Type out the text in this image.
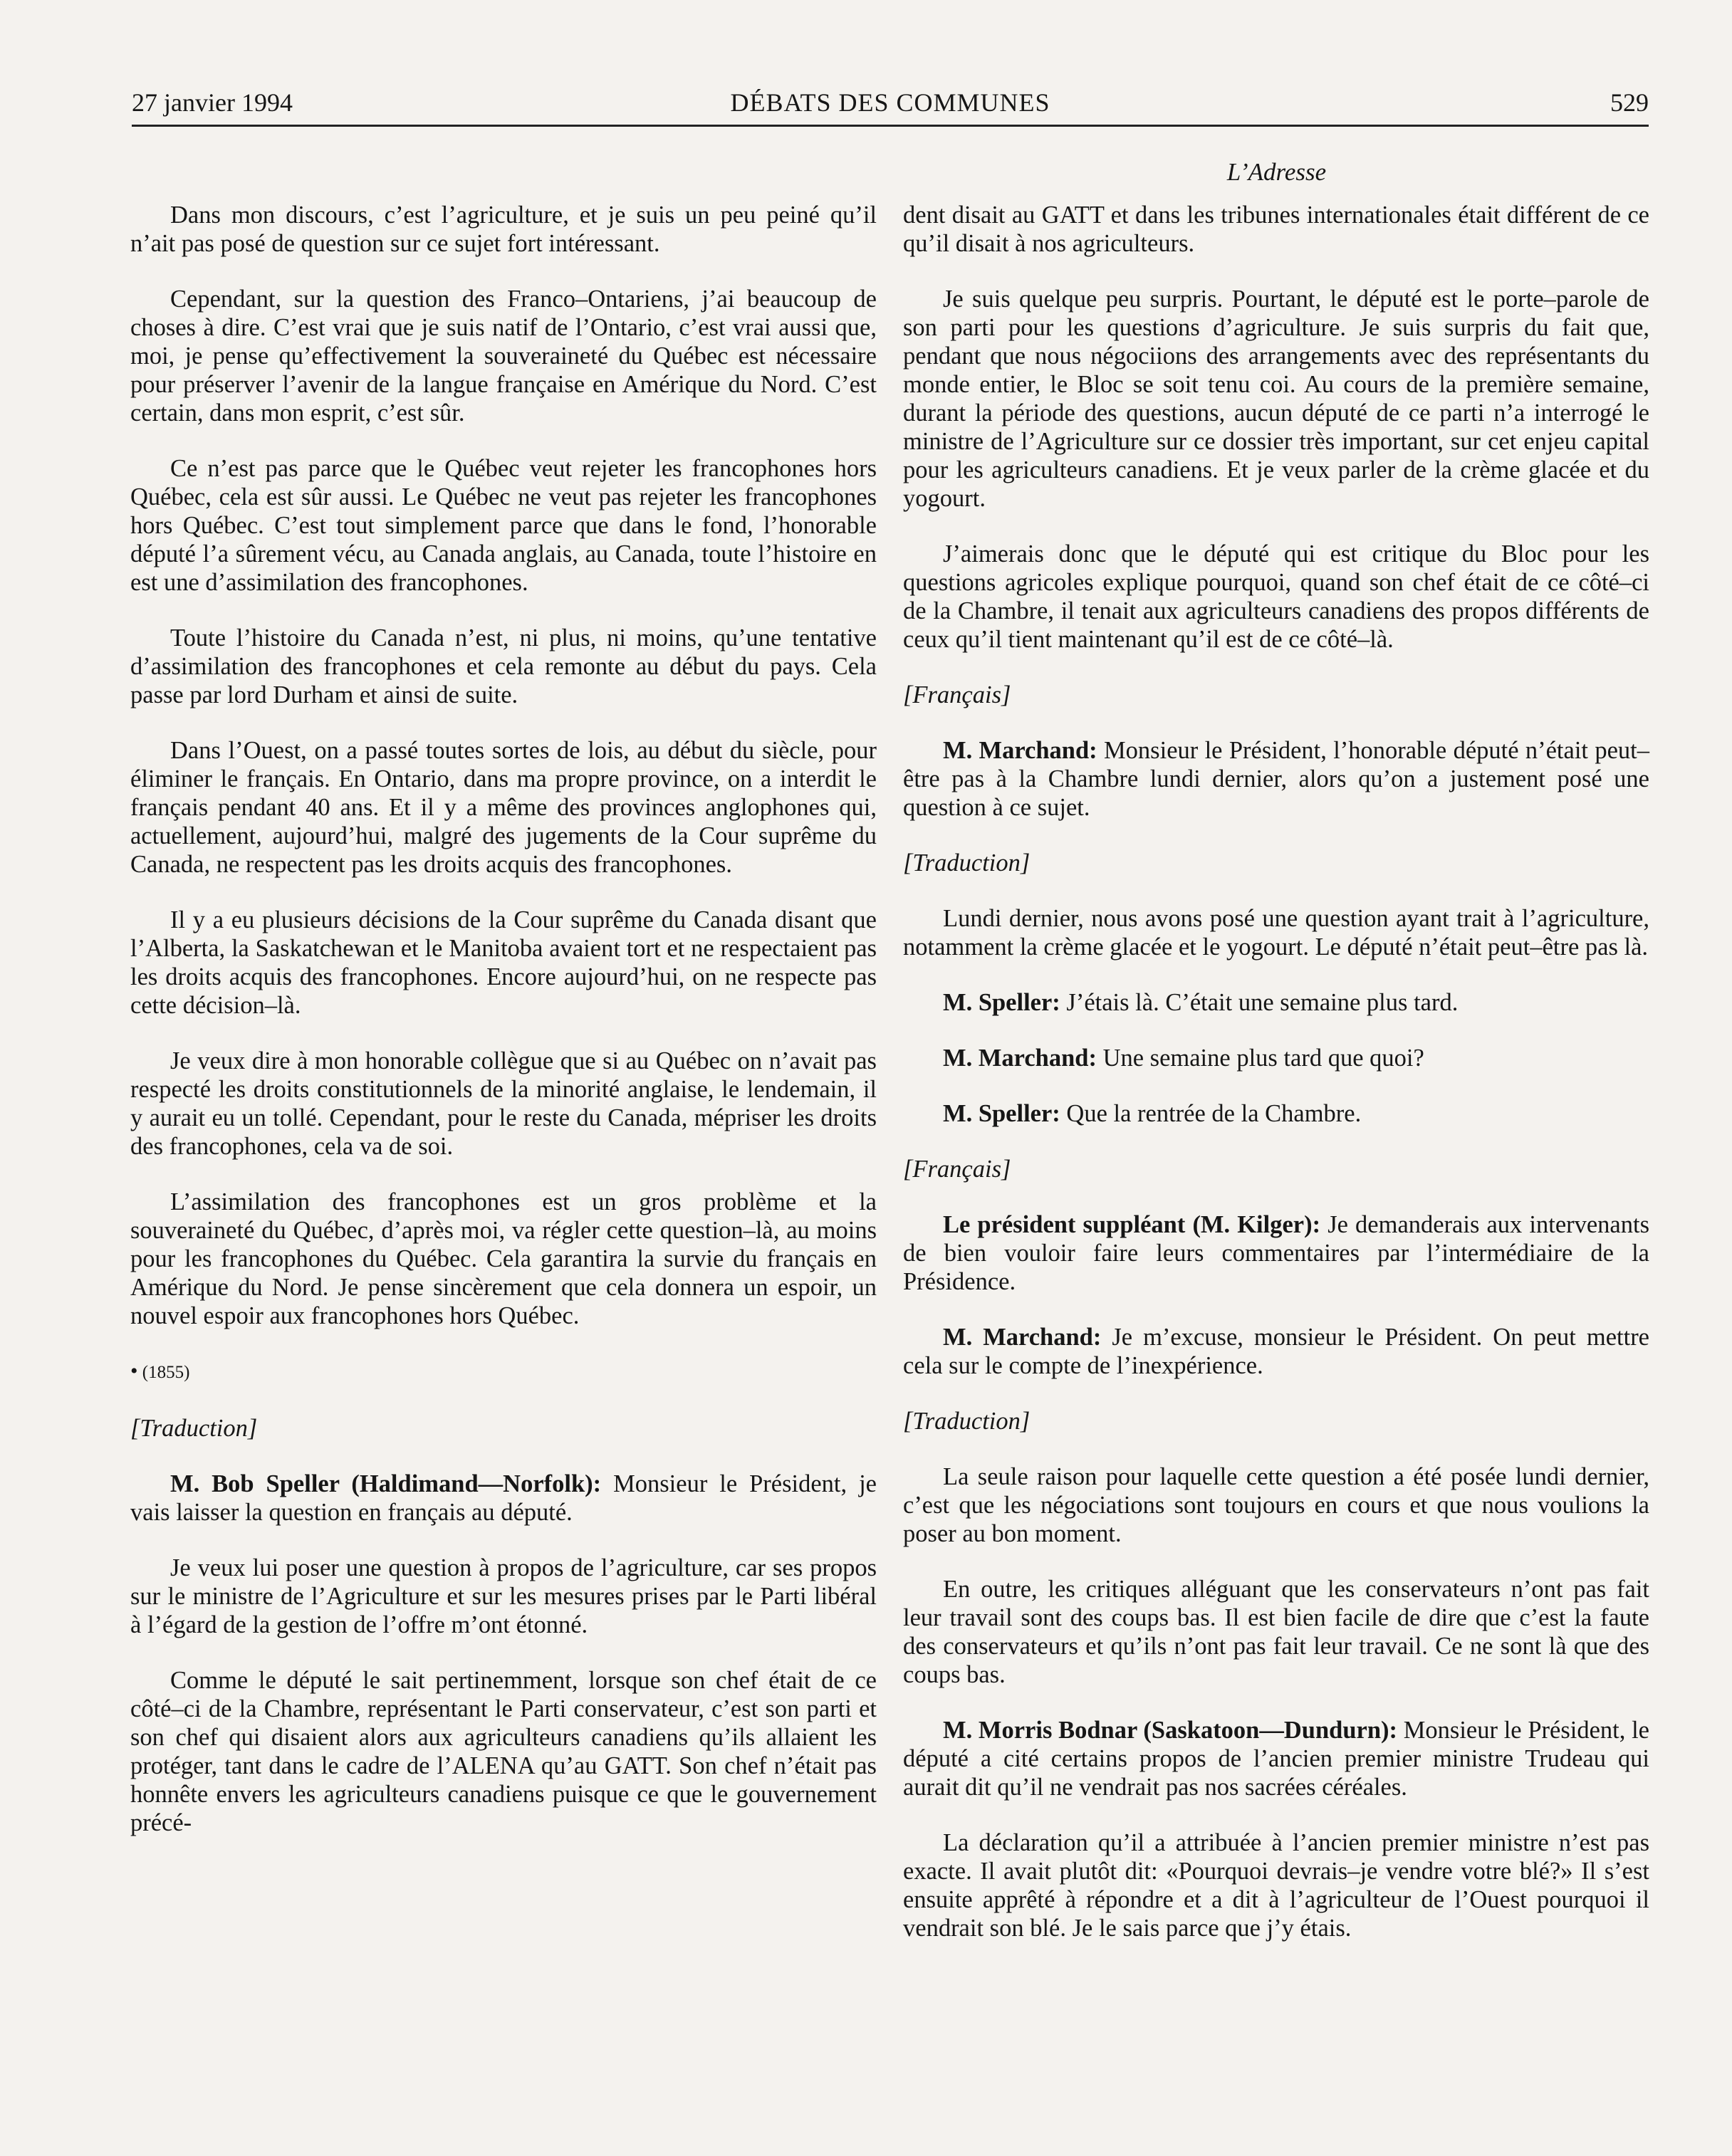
27 janvier 1994	DÉBATS DES COMMUNES	529
L’Adresse

Dans mon discours, c’est l’agriculture, et je suis un peu peiné qu’il n’ait pas posé de question sur ce sujet fort intéressant.

Cependant, sur la question des Franco–Ontariens, j’ai beaucoup de choses à dire. C’est vrai que je suis natif de l’Ontario, c’est vrai aussi que, moi, je pense qu’effectivement la souveraineté du Québec est nécessaire pour préserver l’avenir de la langue française en Amérique du Nord. C’est certain, dans mon esprit, c’est sûr.

Ce n’est pas parce que le Québec veut rejeter les francophones hors Québec, cela est sûr aussi. Le Québec ne veut pas rejeter les francophones hors Québec. C’est tout simplement parce que dans le fond, l’honorable député l’a sûrement vécu, au Canada anglais, au Canada, toute l’histoire en est une d’assimilation des francophones.

Toute l’histoire du Canada n’est, ni plus, ni moins, qu’une tentative d’assimilation des francophones et cela remonte au début du pays. Cela passe par lord Durham et ainsi de suite.

Dans l’Ouest, on a passé toutes sortes de lois, au début du siècle, pour éliminer le français. En Ontario, dans ma propre province, on a interdit le français pendant 40 ans. Et il y a même des provinces anglophones qui, actuellement, aujourd’hui, malgré des jugements de la Cour suprême du Canada, ne respectent pas les droits acquis des francophones.

Il y a eu plusieurs décisions de la Cour suprême du Canada disant que l’Alberta, la Saskatchewan et le Manitoba avaient tort et ne respectaient pas les droits acquis des francophones. Encore aujourd’hui, on ne respecte pas cette décision–là.

Je veux dire à mon honorable collègue que si au Québec on n’avait pas respecté les droits constitutionnels de la minorité anglaise, le lendemain, il y aurait eu un tollé. Cependant, pour le reste du Canada, mépriser les droits des francophones, cela va de soi.

L’assimilation des francophones est un gros problème et la souveraineté du Québec, d’après moi, va régler cette question–là, au moins pour les francophones du Québec. Cela garantira la survie du français en Amérique du Nord. Je pense sincèrement que cela donnera un espoir, un nouvel espoir aux francophones hors Québec.

• (1855)

[Traduction]

M. Bob Speller (Haldimand—Norfolk): Monsieur le Président, je vais laisser la question en français au député.

Je veux lui poser une question à propos de l’agriculture, car ses propos sur le ministre de l’Agriculture et sur les mesures prises par le Parti libéral à l’égard de la gestion de l’offre m’ont étonné.

Comme le député le sait pertinemment, lorsque son chef était de ce côté–ci de la Chambre, représentant le Parti conservateur, c’est son parti et son chef qui disaient alors aux agriculteurs canadiens qu’ils allaient les protéger, tant dans le cadre de l’ALENA qu’au GATT. Son chef n’était pas honnête envers les agriculteurs canadiens puisque ce que le gouvernement précé-

dent disait au GATT et dans les tribunes internationales était différent de ce qu’il disait à nos agriculteurs.

Je suis quelque peu surpris. Pourtant, le député est le porte–parole de son parti pour les questions d’agriculture. Je suis surpris du fait que, pendant que nous négociions des arrangements avec des représentants du monde entier, le Bloc se soit tenu coi. Au cours de la première semaine, durant la période des questions, aucun député de ce parti n’a interrogé le ministre de l’Agriculture sur ce dossier très important, sur cet enjeu capital pour les agriculteurs canadiens. Et je veux parler de la crème glacée et du yogourt.

J’aimerais donc que le député qui est critique du Bloc pour les questions agricoles explique pourquoi, quand son chef était de ce côté–ci de la Chambre, il tenait aux agriculteurs canadiens des propos différents de ceux qu’il tient maintenant qu’il est de ce côté–là.

[Français]

M. Marchand: Monsieur le Président, l’honorable député n’était peut–être pas à la Chambre lundi dernier, alors qu’on a justement posé une question à ce sujet.

[Traduction]

Lundi dernier, nous avons posé une question ayant trait à l’agriculture, notamment la crème glacée et le yogourt. Le député n’était peut–être pas là.

M. Speller: J’étais là. C’était une semaine plus tard.

M. Marchand: Une semaine plus tard que quoi?

M. Speller: Que la rentrée de la Chambre.

[Français]

Le président suppléant (M. Kilger): Je demanderais aux intervenants de bien vouloir faire leurs commentaires par l’intermédiaire de la Présidence.

M. Marchand: Je m’excuse, monsieur le Président. On peut mettre cela sur le compte de l’inexpérience.

[Traduction]

La seule raison pour laquelle cette question a été posée lundi dernier, c’est que les négociations sont toujours en cours et que nous voulions la poser au bon moment.

En outre, les critiques alléguant que les conservateurs n’ont pas fait leur travail sont des coups bas. Il est bien facile de dire que c’est la faute des conservateurs et qu’ils n’ont pas fait leur travail. Ce ne sont là que des coups bas.

M. Morris Bodnar (Saskatoon—Dundurn): Monsieur le Président, le député a cité certains propos de l’ancien premier ministre Trudeau qui aurait dit qu’il ne vendrait pas nos sacrées céréales.

La déclaration qu’il a attribuée à l’ancien premier ministre n’est pas exacte. Il avait plutôt dit: «Pourquoi devrais–je vendre votre blé?» Il s’est ensuite apprêté à répondre et a dit à l’agriculteur de l’Ouest pourquoi il vendrait son blé. Je le sais parce que j’y étais.
